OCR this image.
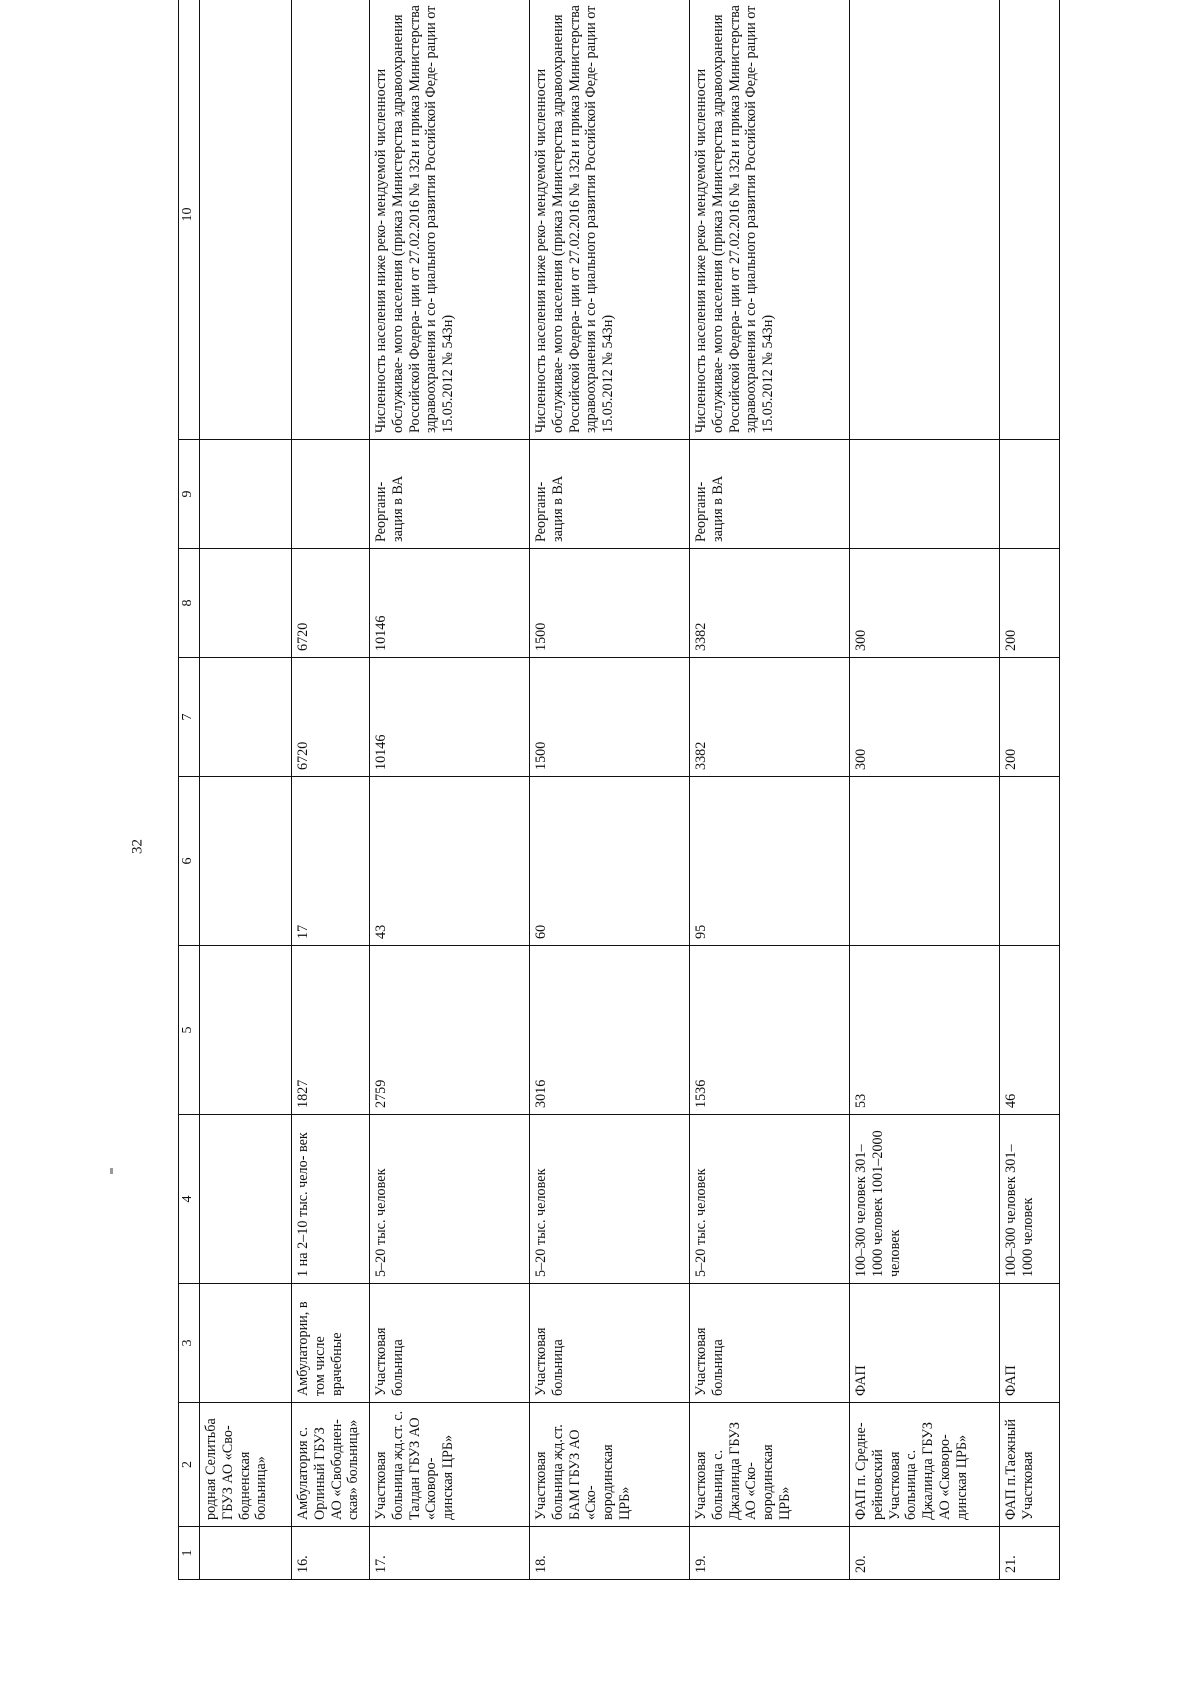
32
1	2	3	4	5	6	7	8	9	10
	родная Селитьба ГБУЗ АО «Сво- бодненская больница»								
16.	Амбулатория с. Орлиный ГБУЗ АО «Свободнен- ская» больница»	Амбулатории, в том числе врачебные	1 на 2–10 тыс. чело- век	1827	17	6720	6720		
17.	Участковая больница жд.ст. с. Талдан ГБУЗ АО «Сковоро- динская ЦРБ»	Участковая больница	5–20 тыс. человек	2759	43	10146	10146	Реоргани- зация в ВА	Численность населения ниже реко- мендуемой численности обслуживае- мого населения (приказ Министерства здравоохранения Российской Федера- ции от 27.02.2016 № 132н и приказ Министерства здравоохранения и со- циального развития Российской Феде- рации от 15.05.2012 № 543н)
18.	Участковая больница жд.ст. БАМ ГБУЗ АО «Ско- вородинская ЦРБ»	Участковая больница	5–20 тыс. человек	3016	60	1500	1500	Реоргани- зация в ВА	Численность населения ниже реко- мендуемой численности обслуживае- мого населения (приказ Министерства здравоохранения Российской Федера- ции от 27.02.2016 № 132н и приказ Министерства здравоохранения и со- циального развития Российской Феде- рации от 15.05.2012 № 543н)
19.	Участковая больница с. Джалинда ГБУЗ АО «Ско- вородинская ЦРБ»	Участковая больница	5–20 тыс. человек	1536	95	3382	3382	Реоргани- зация в ВА	Численность населения ниже реко- мендуемой численности обслуживае- мого населения (приказ Министерства здравоохранения Российской Федера- ции от 27.02.2016 № 132н и приказ Министерства здравоохранения и со- циального развития Российской Феде- рации от 15.05.2012 № 543н)
20.	ФАП п. Средне- рейновский Участковая больница с. Джалинда ГБУЗ АО «Сковоро- динская ЦРБ»	ФАП	100–300 человек 301–1000 человек 1001–2000 человек	53		300	300		
21.	ФАП п.Таежный Участковая	ФАП	100–300 человек 301–1000 человек	46		200	200		
